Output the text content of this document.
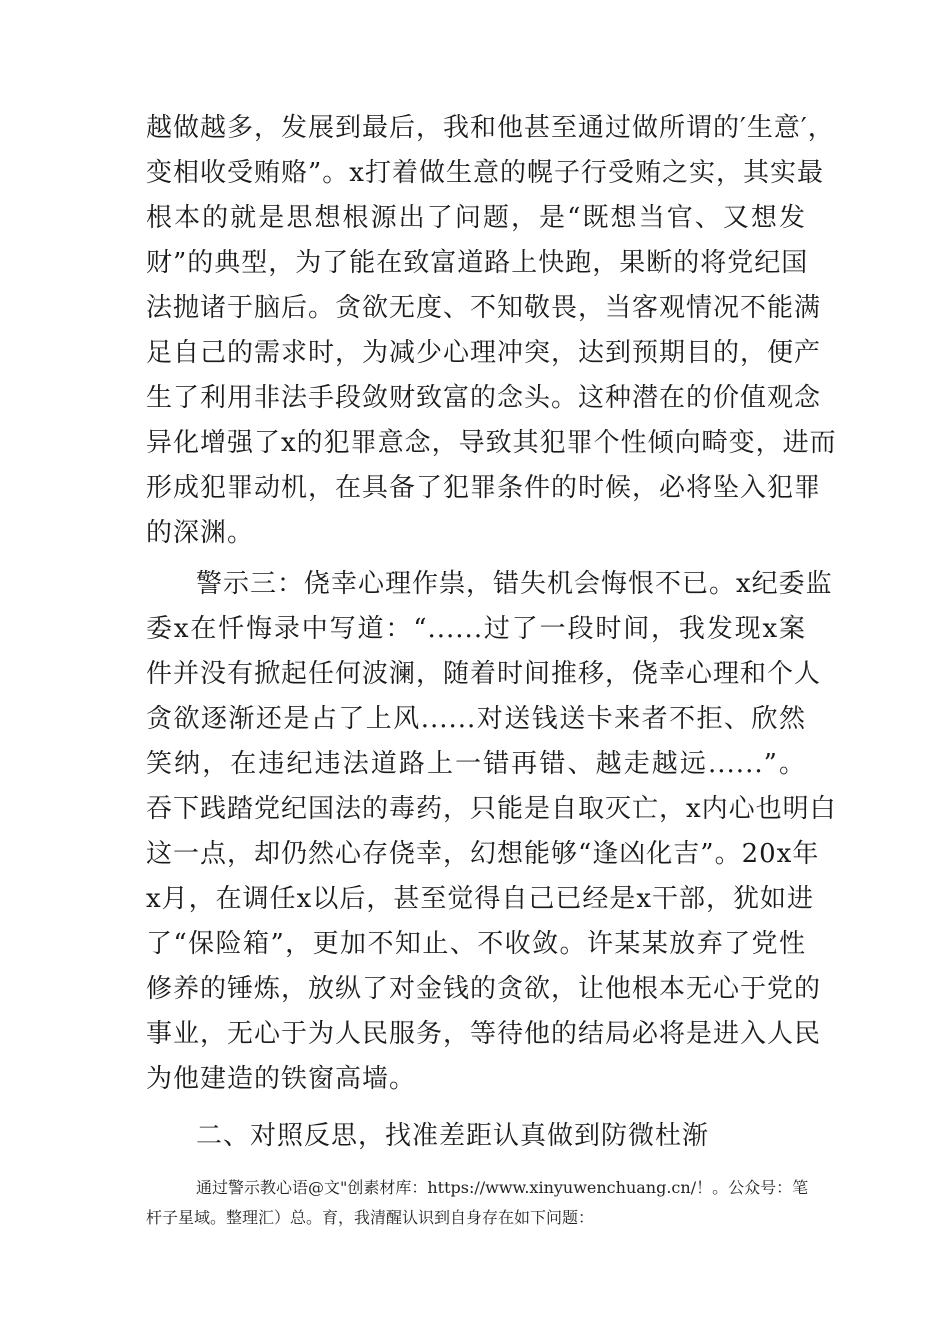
越做越多，发展到最后，我和他甚至通过做所谓的′生意′，
变相收受贿赂”。x打着做生意的幌子行受贿之实，其实最
根本的就是思想根源出了问题，是“既想当官、又想发
财”的典型，为了能在致富道路上快跑，果断的将党纪国
法抛诸于脑后。贪欲无度、不知敬畏，当客观情况不能满
足自己的需求时，为减少心理冲突，达到预期目的，便产
生了利用非法手段敛财致富的念头。这种潜在的价值观念
异化增强了x的犯罪意念，导致其犯罪个性倾向畸变，进而
形成犯罪动机，在具备了犯罪条件的时候，必将坠入犯罪
的深渊。
警示三：侥幸心理作祟，错失机会悔恨不已。x纪委监
委x在忏悔录中写道：“......过了一段时间，我发现x案
件并没有掀起任何波澜，随着时间推移，侥幸心理和个人
贪欲逐渐还是占了上风......对送钱送卡来者不拒、欣然
笑纳，在违纪违法道路上一错再错、越走越远......”。
吞下践踏党纪国法的毒药，只能是自取灭亡，x内心也明白
这一点，却仍然心存侥幸，幻想能够“逢凶化吉”。20x年
x月，在调任x以后，甚至觉得自己已经是x干部，犹如进
了“保险箱”，更加不知止、不收敛。许某某放弃了党性
修养的锤炼，放纵了对金钱的贪欲，让他根本无心于党的
事业，无心于为人民服务，等待他的结局必将是进入人民
为他建造的铁窗高墙。
二、对照反思，找准差距认真做到防微杜渐
通过警示教心语@文"创素材库：https://www.xinyuwenchuang.cn/！。公众号：笔
杆子星域。整理汇）总。育，我清醒认识到自身存在如下问题：
